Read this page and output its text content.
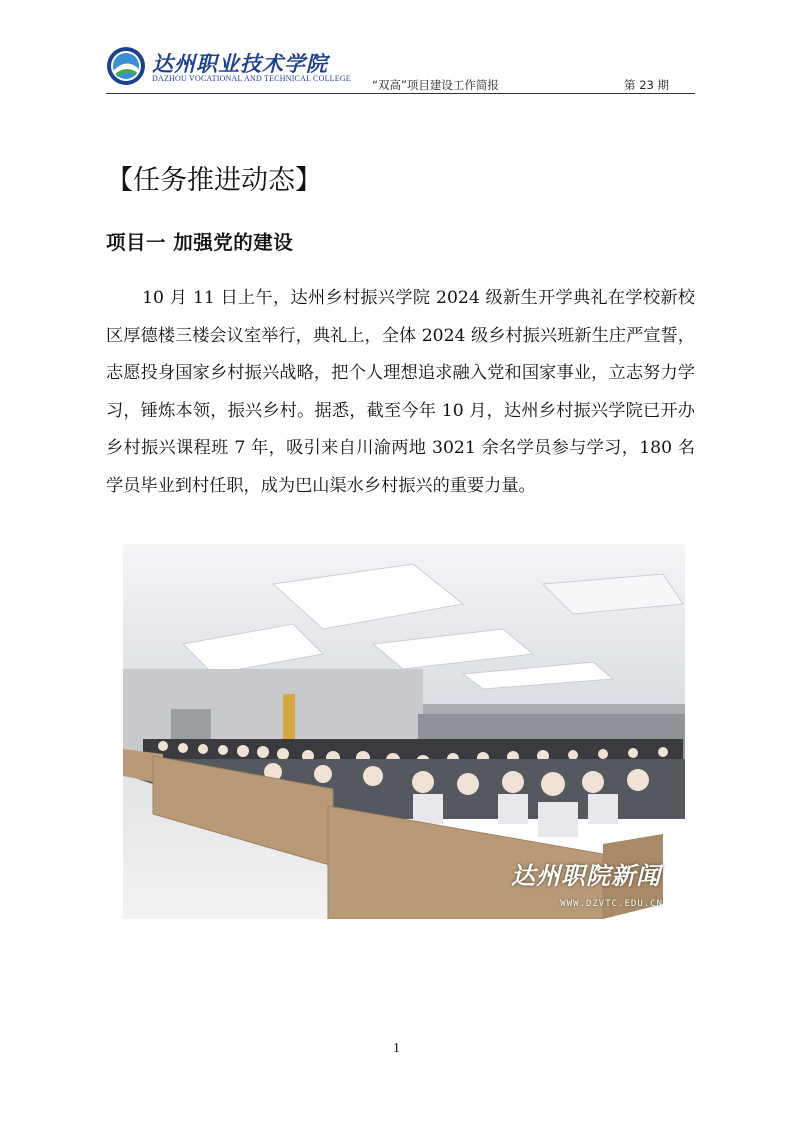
达州职业技术学院
DAZHOU VOCATIONAL AND TECHNICAL COLLEGE “双高”项目建设工作简报	第 23 期
【任务推进动态】
项目一 加强党的建设

10 月 11 日上午，达州乡村振兴学院 2024 级新生开学典礼在学校新校区厚德楼三楼会议室举行，典礼上，全体 2024 级乡村振兴班新生庄严宣誓，志愿投身国家乡村振兴战略，把个人理想追求融入党和国家事业，立志努力学习，锤炼本领，振兴乡村。据悉，截至今年 10 月，达州乡村振兴学院已开办乡村振兴课程班 7 年，吸引来自川渝两地 3021 余名学员参与学习，180 名学员毕业到村任职，成为巴山渠水乡村振兴的重要力量。

达州职院新闻
WWW.DZVTC.EDU.CN
1
